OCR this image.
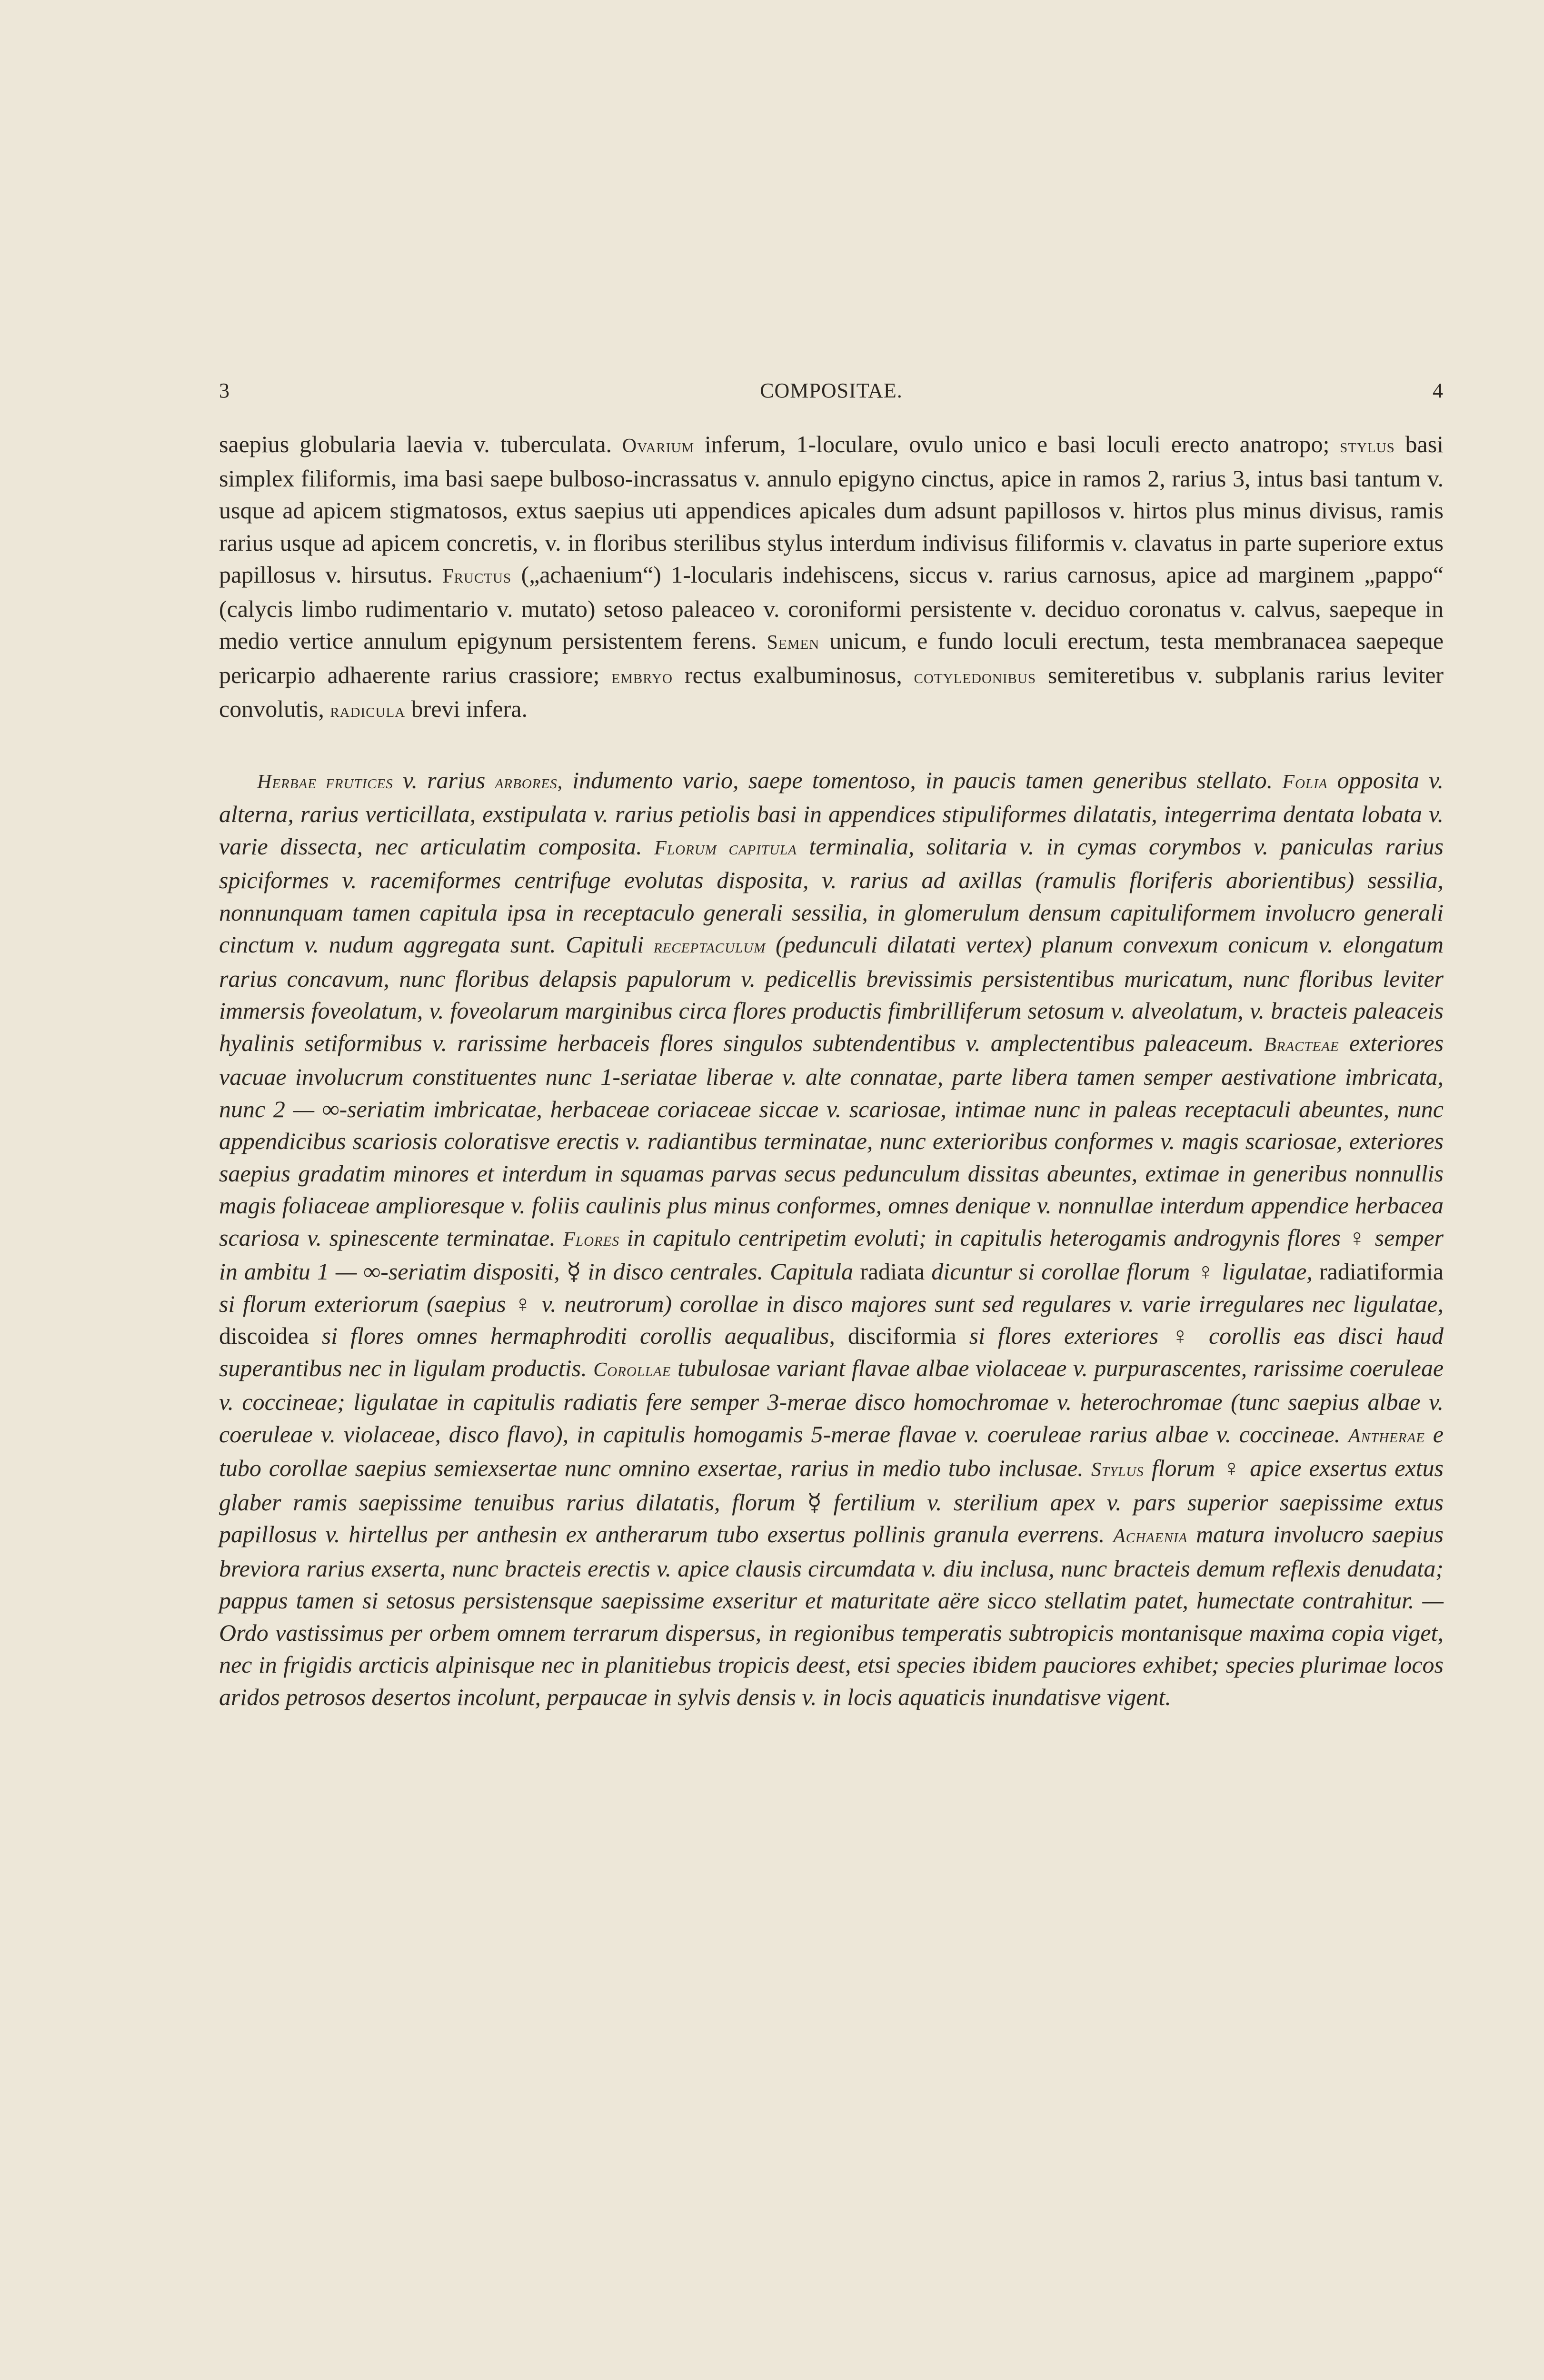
3	COMPOSITAE.	4

saepius globularia laevia v. tuberculata. Ovarium inferum, 1-loculare, ovulo unico e basi loculi erecto anatropo; stylus basi simplex filiformis, ima basi saepe bulboso-incrassatus v. annulo epigyno cinctus, apice in ramos 2, rarius 3, intus basi tantum v. usque ad apicem stigmatosos, extus saepius uti appendices apicales dum adsunt papillosos v. hirtos plus minus divisus, ramis rarius usque ad apicem concretis, v. in floribus sterilibus stylus interdum indivisus filiformis v. clavatus in parte superiore extus papillosus v. hirsutus. Fructus („achaenium“) 1-locularis indehiscens, siccus v. rarius carnosus, apice ad marginem „pappo“ (calycis limbo rudimentario v. mutato) setoso paleaceo v. coroniformi persistente v. deciduo coronatus v. calvus, saepeque in medio vertice annulum epigynum persistentem ferens. Semen unicum, e fundo loculi erectum, testa membranacea saepeque pericarpio adhaerente rarius crassiore; embryo rectus exalbuminosus, cotyledonibus semiteretibus v. subplanis rarius leviter convolutis, radicula brevi infera.

Herbae frutices v. rarius arbores, indumento vario, saepe tomentoso, in paucis tamen generibus stellato. Folia opposita v. alterna, rarius verticillata, exstipulata v. rarius petiolis basi in appendices stipuliformes dilatatis, integerrima dentata lobata v. varie dissecta, nec articulatim composita. Florum capitula terminalia, solitaria v. in cymas corymbos v. paniculas rarius spiciformes v. racemiformes centrifuge evolutas disposita, v. rarius ad axillas (ramulis floriferis aborientibus) sessilia, nonnunquam tamen capitula ipsa in receptaculo generali sessilia, in glomerulum densum capituliformem involucro generali cinctum v. nudum aggregata sunt. Capituli receptaculum (pedunculi dilatati vertex) planum convexum conicum v. elongatum rarius concavum, nunc floribus delapsis papulorum v. pedicellis brevissimis persistentibus muricatum, nunc floribus leviter immersis foveolatum, v. foveolarum marginibus circa flores productis fimbrilliferum setosum v. alveolatum, v. bracteis paleaceis hyalinis setiformibus v. rarissime herbaceis flores singulos subtendentibus v. amplectentibus paleaceum. Bracteae exteriores vacuae involucrum constituentes nunc 1-seriatae liberae v. alte connatae, parte libera tamen semper aestivatione imbricata, nunc 2 — ∞-seriatim imbricatae, herbaceae coriaceae siccae v. scariosae, intimae nunc in paleas receptaculi abeuntes, nunc appendicibus scariosis coloratisve erectis v. radiantibus terminatae, nunc exterioribus conformes v. magis scariosae, exteriores saepius gradatim minores et interdum in squamas parvas secus pedunculum dissitas abeuntes, extimae in generibus nonnullis magis foliaceae amplioresque v. foliis caulinis plus minus conformes, omnes denique v. nonnullae interdum appendice herbacea scariosa v. spinescente terminatae. Flores in capitulo centripetim evoluti; in capitulis heterogamis androgynis flores ♀ semper in ambitu 1 — ∞-seriatim dispositi, ☿ in disco centrales. Capitula radiata dicuntur si corollae florum ♀ ligulatae, radiatiformia si florum exteriorum (saepius ♀ v. neutrorum) corollae in disco majores sunt sed regulares v. varie irregulares nec ligulatae, discoidea si flores omnes hermaphroditi corollis aequalibus, disciformia si flores exteriores ♀ corollis eas disci haud superantibus nec in ligulam productis. Corollae tubulosae variant flavae albae violaceae v. purpurascentes, rarissime coeruleae v. coccineae; ligulatae in capitulis radiatis fere semper 3-merae disco homochromae v. heterochromae (tunc saepius albae v. coeruleae v. violaceae, disco flavo), in capitulis homogamis 5-merae flavae v. coeruleae rarius albae v. coccineae. Antherae e tubo corollae saepius semiexsertae nunc omnino exsertae, rarius in medio tubo inclusae. Stylus florum ♀ apice exsertus extus glaber ramis saepissime tenuibus rarius dilatatis, florum ☿ fertilium v. sterilium apex v. pars superior saepissime extus papillosus v. hirtellus per anthesin ex antherarum tubo exsertus pollinis granula everrens. Achaenia matura involucro saepius breviora rarius exserta, nunc bracteis erectis v. apice clausis circumdata v. diu inclusa, nunc bracteis demum reflexis denudata; pappus tamen si setosus persistensque saepissime exseritur et maturitate aëre sicco stellatim patet, humectate contrahitur. — Ordo vastissimus per orbem omnem terrarum dispersus, in regionibus temperatis subtropicis montanisque maxima copia viget, nec in frigidis arcticis alpinisque nec in planitiebus tropicis deest, etsi species ibidem pauciores exhibet; species plurimae locos aridos petrosos desertos incolunt, perpaucae in sylvis densis v. in locis aquaticis inundatisve vigent.
